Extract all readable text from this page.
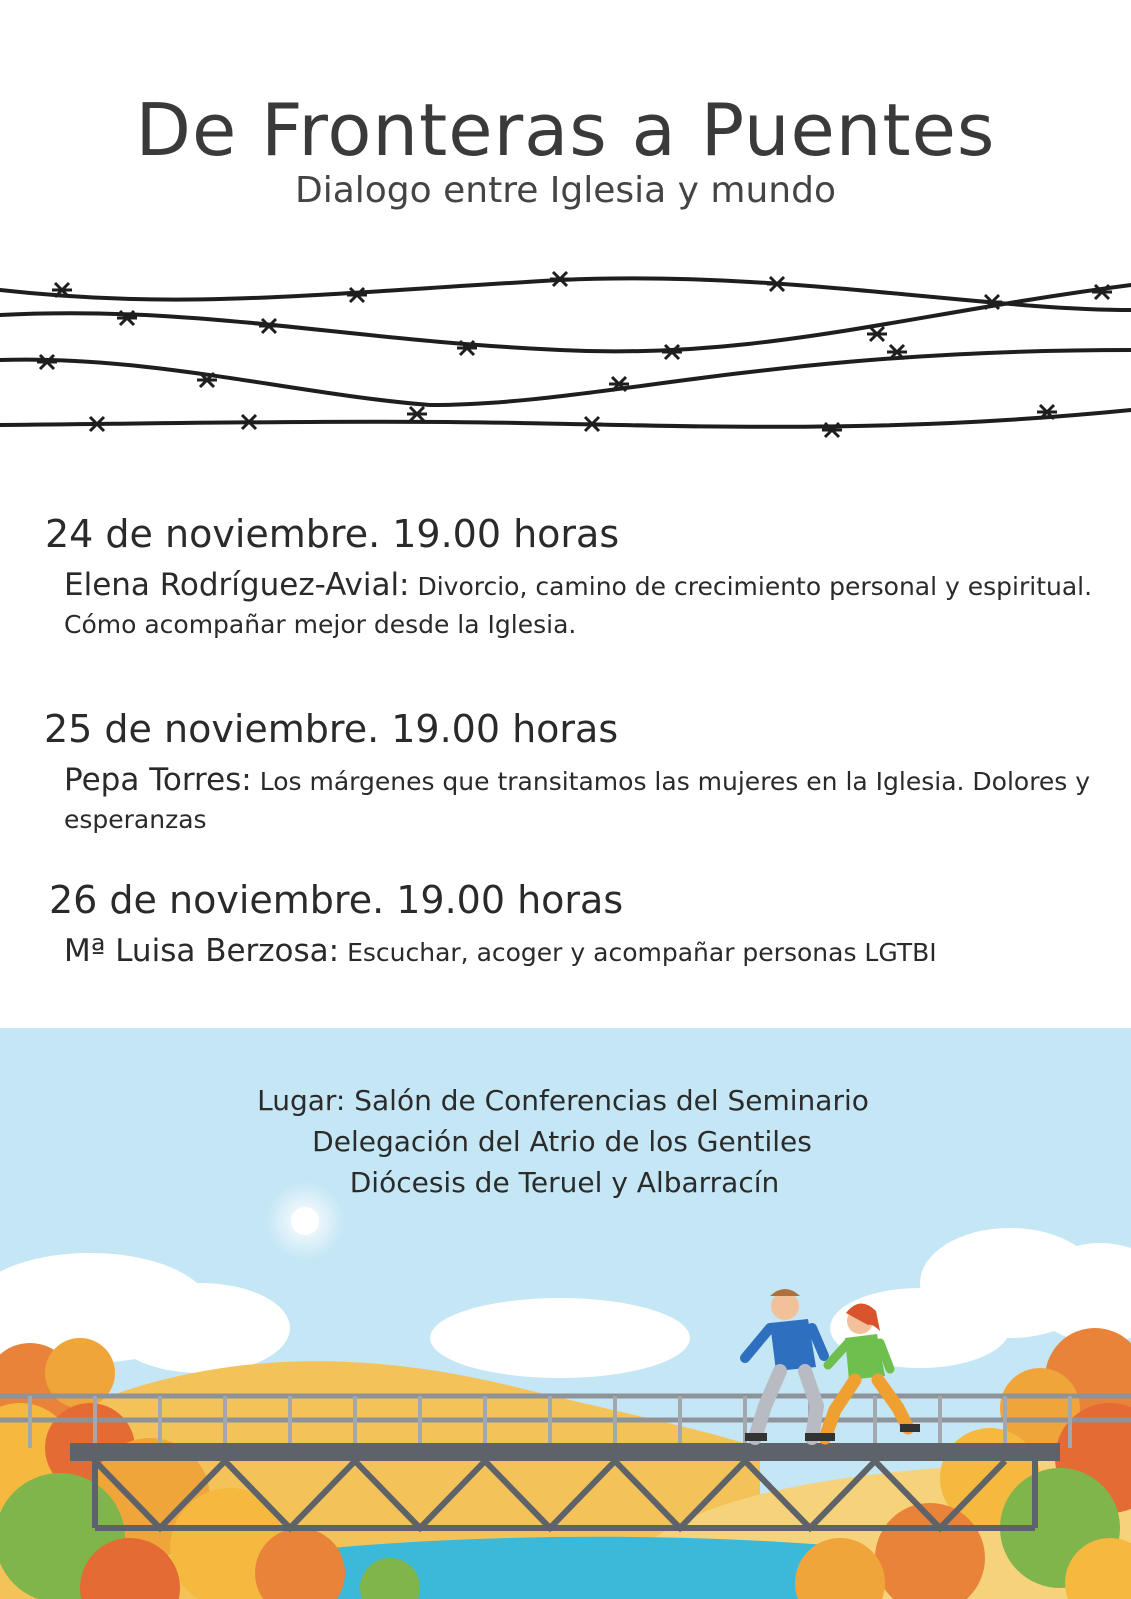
De Fronteras a Puentes
Dialogo entre Iglesia y mundo
24 de noviembre. 19.00 horas
Elena Rodríguez-Avial: Divorcio, camino de crecimiento personal y espiritual. Cómo acompañar mejor desde la Iglesia.
25 de noviembre. 19.00 horas
Pepa Torres: Los márgenes que transitamos las mujeres en la Iglesia. Dolores y esperanzas
26 de noviembre. 19.00 horas
Mª Luisa Berzosa: Escuchar, acoger y acompañar personas LGTBI
Lugar: Salón de Conferencias del Seminario
Delegación del Atrio de los Gentiles
Diócesis de Teruel y Albarracín
